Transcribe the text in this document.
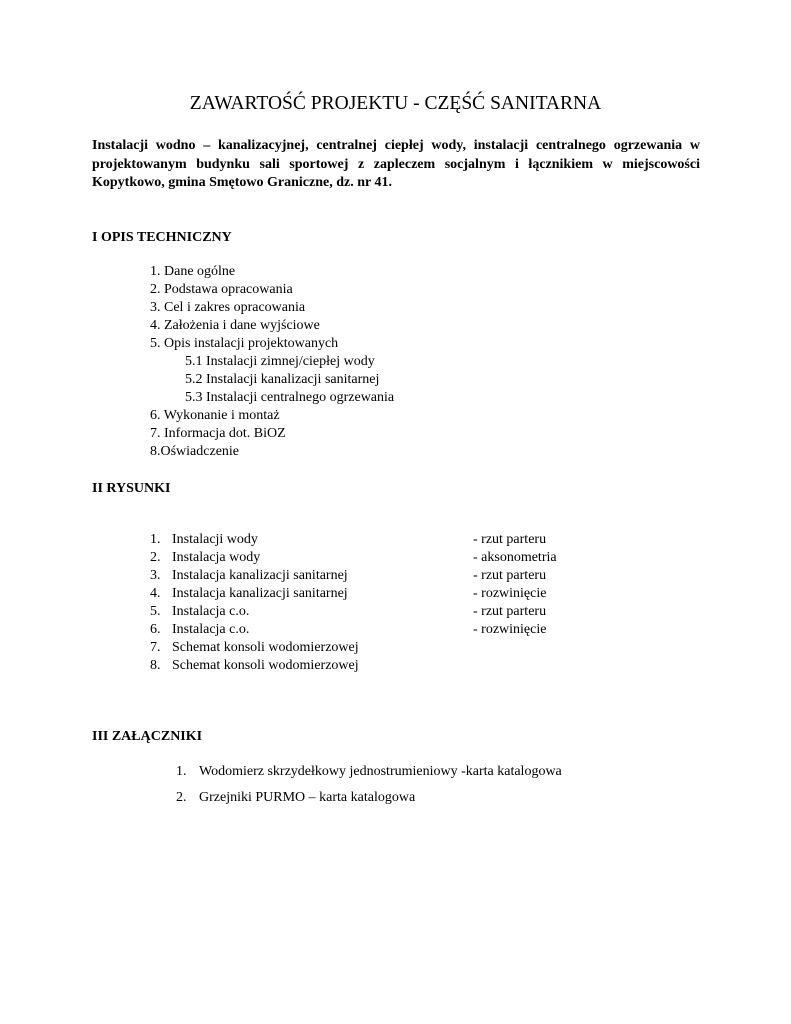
ZAWARTOŚĆ PROJEKTU - CZĘŚĆ SANITARNA

Instalacji wodno – kanalizacyjnej, centralnej ciepłej wody, instalacji centralnego ogrzewania w projektowanym budynku sali sportowej z zapleczem socjalnym i łącznikiem w miejscowości Kopytkowo, gmina Smętowo Graniczne, dz. nr 41.

I OPIS TECHNICZNY
1. Dane ogólne
2. Podstawa opracowania
3. Cel i zakres opracowania
4. Założenia i dane wyjściowe
5. Opis instalacji projektowanych
5.1 Instalacji zimnej/ciepłej wody
5.2 Instalacji kanalizacji sanitarnej
5.3 Instalacji centralnego ogrzewania
6. Wykonanie i montaż
7. Informacja dot. BiOZ
8.Oświadczenie
II RYSUNKI
1. Instalacji wody	- rzut parteru
2. Instalacja wody	- aksonometria
3. Instalacja kanalizacji sanitarnej	- rzut parteru
4. Instalacja kanalizacji sanitarnej	- rozwinięcie
5. Instalacja c.o.	- rzut parteru
6. Instalacja c.o.	- rozwinięcie
7. Schemat konsoli wodomierzowej
8. Schemat konsoli wodomierzowej
III ZAŁĄCZNIKI
1. Wodomierz skrzydełkowy jednostrumieniowy -karta katalogowa
2. Grzejniki PURMO – karta katalogowa
